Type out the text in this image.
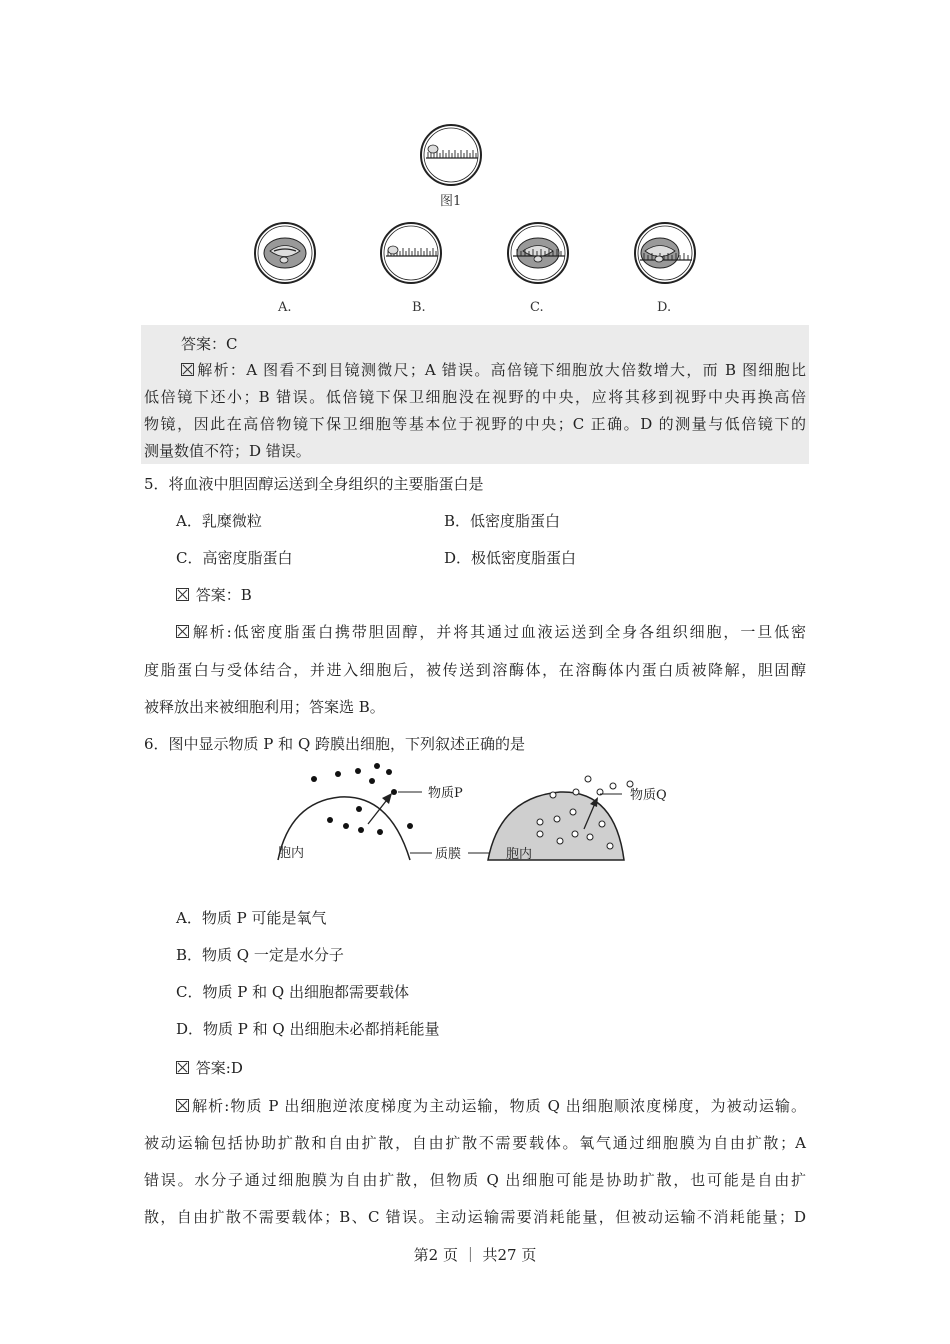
图1
A.	B.	C.	D.
答案：C
解析：A 图看不到目镜测微尺；A 错误。高倍镜下细胞放大倍数增大，而 B 图细胞比
低倍镜下还小；B 错误。低倍镜下保卫细胞没在视野的中央，应将其移到视野中央再换高倍
物镜，因此在高倍物镜下保卫细胞等基本位于视野的中央；C 正确。D 的测量与低倍镜下的
测量数值不符；D 错误。
5．将血液中胆固醇运送到全身组织的主要脂蛋白是
A．乳糜微粒	B．低密度脂蛋白
C．高密度脂蛋白	D．极低密度脂蛋白
答案：B
解析:低密度脂蛋白携带胆固醇，并将其通过血液运送到全身各组织细胞，一旦低密
度脂蛋白与受体结合，并进入细胞后，被传送到溶酶体，在溶酶体内蛋白质被降解，胆固醇
被释放出来被细胞利用；答案选 B。
6．图中显示物质 P 和 Q 跨膜出细胞，下列叙述正确的是
物质P
胞内	质膜
物质Q
胞内
A．物质 P 可能是氧气
B．物质 Q 一定是水分子
C．物质 P 和 Q 出细胞都需要载体
D．物质 P 和 Q 出细胞未必都捎耗能量
答案:D
解析:物质 P 出细胞逆浓度梯度为主动运输，物质 Q 出细胞顺浓度梯度，为被动运输。
被动运输包括协助扩散和自由扩散，自由扩散不需要载体。氧气通过细胞膜为自由扩散；A
错误。水分子通过细胞膜为自由扩散，但物质 Q 出细胞可能是协助扩散，也可能是自由扩
散，自由扩散不需要载体；B、C 错误。主动运输需要消耗能量，但被动运输不消耗能量；D
第2 页 ｜ 共27 页
